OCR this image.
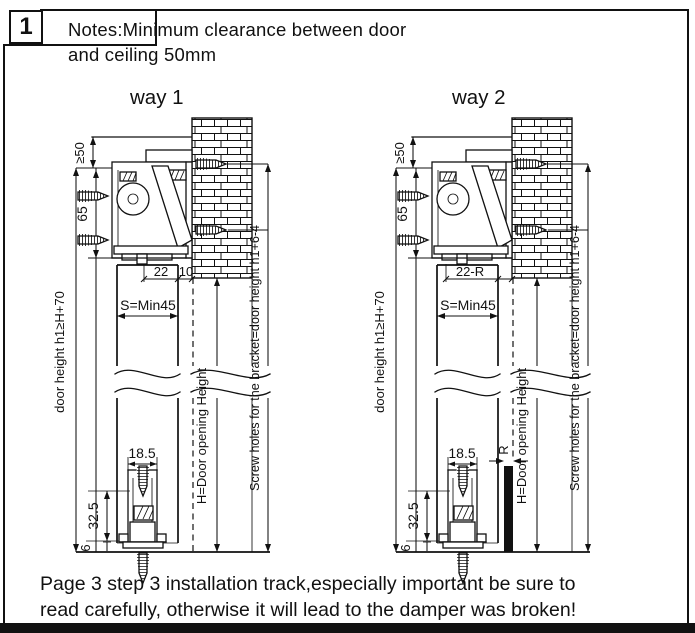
1 Notes:Minimum clearance between door
and ceiling 50mm
way 1	way 2
22 10	22-R
R
Page 3 step 3 installation track,especially important be sure to
read carefully, otherwise it will lead to the damper was broken!
